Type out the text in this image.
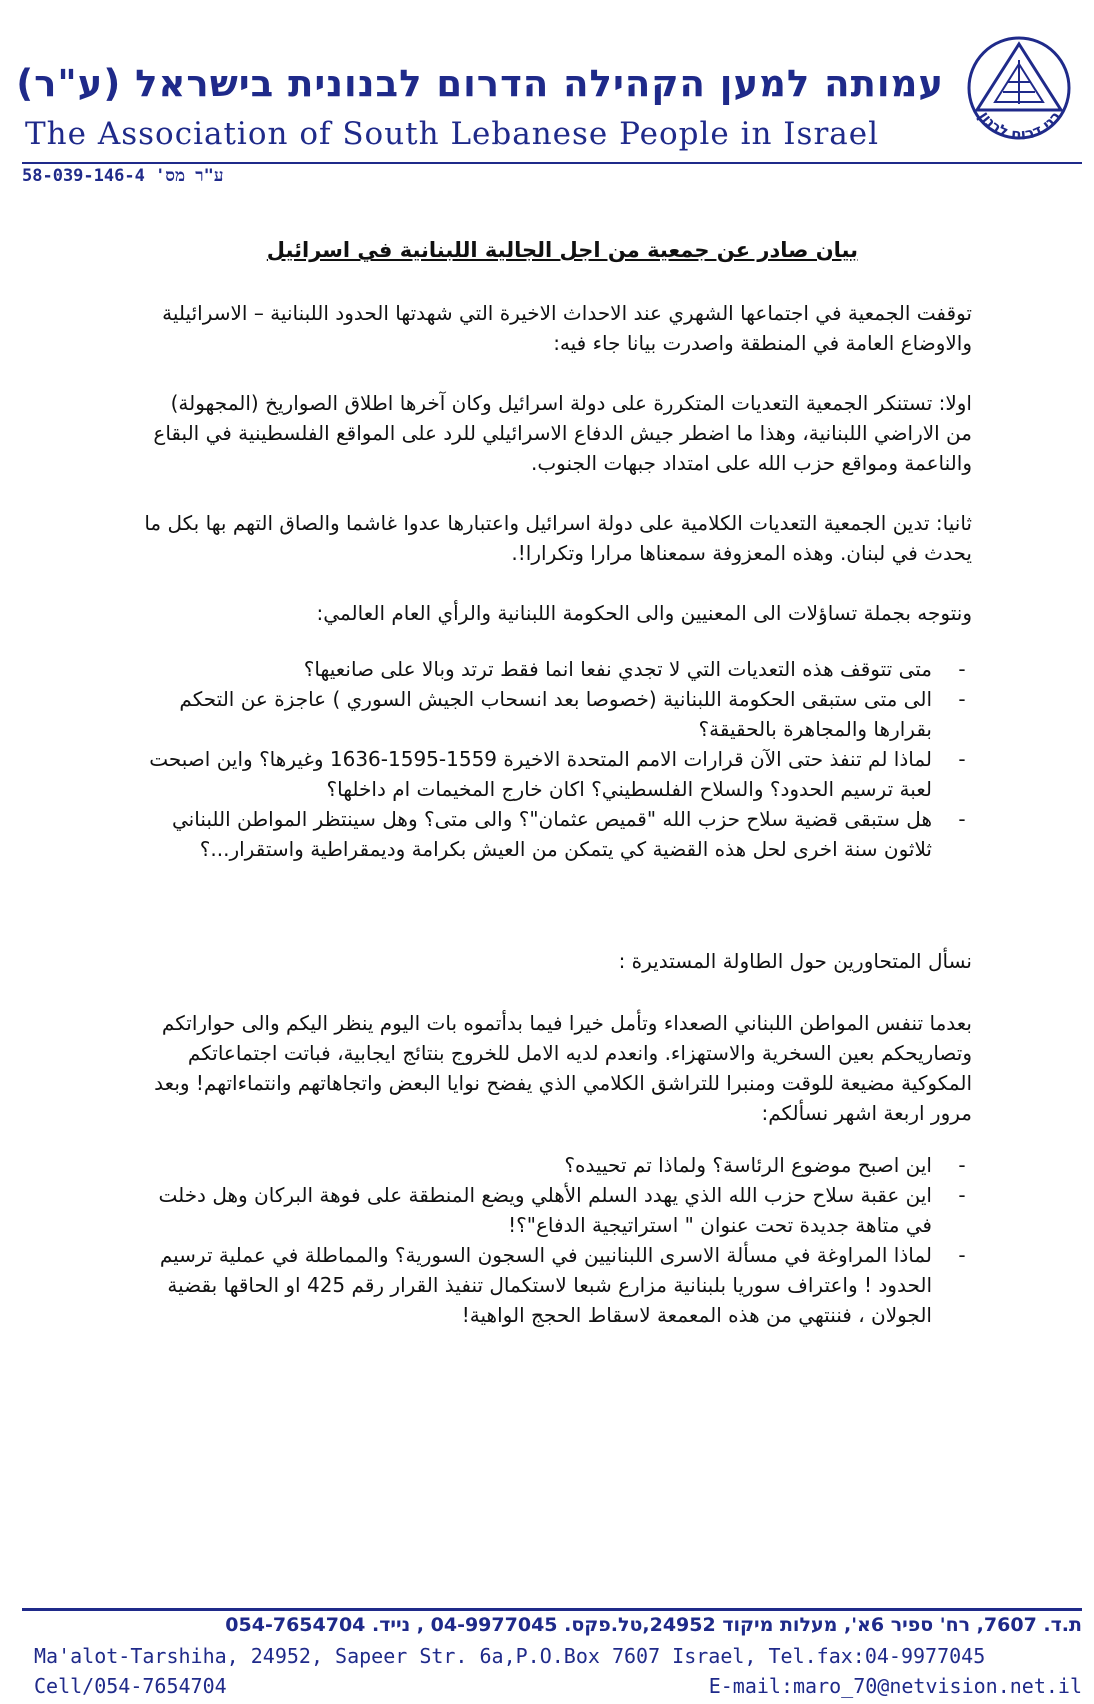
עמותה למען הקהילה הדרום לבנונית בישראל (ע"ר)
The Association of South Lebanese People in Israel
ע"ר מס' 58-039-146-4
בני דרום לבנון
بيان صادر عن جمعية من اجل الجالية اللبنانية في اسرائيل

توقفت الجمعية في اجتماعها الشهري عند الاحداث الاخيرة التي شهدتها الحدود اللبنانية – الاسرائيلية والاوضاع العامة في المنطقة واصدرت بيانا جاء فيه:

اولا: تستنكر الجمعية التعديات المتكررة على دولة اسرائيل وكان آخرها اطلاق الصواريخ (المجهولة) من الاراضي اللبنانية، وهذا ما اضطر جيش الدفاع الاسرائيلي للرد على المواقع الفلسطينية في البقاع والناعمة ومواقع حزب الله على امتداد جبهات الجنوب.

ثانيا: تدين الجمعية التعديات الكلامية على دولة اسرائيل واعتبارها عدوا غاشما والصاق التهم بها بكل ما يحدث في لبنان. وهذه المعزوفة سمعناها مرارا وتكرارا!.

ونتوجه بجملة تساؤلات الى المعنيين والى الحكومة اللبنانية والرأي العام العالمي:

-
متى تتوقف هذه التعديات التي لا تجدي نفعا انما فقط ترتد وبالا على صانعيها؟
-
الى متى ستبقى الحكومة اللبنانية (خصوصا بعد انسحاب الجيش السوري ) عاجزة عن التحكم بقرارها والمجاهرة بالحقيقة؟
-
لماذا لم تنفذ حتى الآن قرارات الامم المتحدة الاخيرة 1559-1595-1636 وغيرها؟ واين اصبحت لعبة ترسيم الحدود؟ والسلاح الفلسطيني؟ اكان خارج المخيمات ام داخلها؟
-
هل ستبقى قضية سلاح حزب الله "قميص عثمان"؟ والى متى؟ وهل سينتظر المواطن اللبناني ثلاثون سنة اخرى لحل هذه القضية كي يتمكن من العيش بكرامة وديمقراطية واستقرار...؟

نسأل المتحاورين حول الطاولة المستديرة :

بعدما تنفس المواطن اللبناني الصعداء وتأمل خيرا فيما بدأتموه بات اليوم ينظر اليكم والى حواراتكم وتصاريحكم بعين السخرية والاستهزاء. وانعدم لديه الامل للخروج بنتائج ايجابية، فباتت اجتماعاتكم المكوكية مضيعة للوقت ومنبرا للتراشق الكلامي الذي يفضح نوايا البعض واتجاهاتهم وانتماءاتهم! وبعد مرور اربعة اشهر نسألكم:

-
اين اصبح موضوع الرئاسة؟ ولماذا تم تحييده؟
-
اين عقبة سلاح حزب الله الذي يهدد السلم الأهلي ويضع المنطقة على فوهة البركان وهل دخلت في متاهة جديدة تحت عنوان " استراتيجية الدفاع"؟!
-
لماذا المراوغة في مسألة الاسرى اللبنانيين في السجون السورية؟ والمماطلة في عملية ترسيم الحدود ! واعتراف سوريا بلبنانية مزارع شبعا لاستكمال تنفيذ القرار رقم 425 او الحاقها بقضية الجولان ، فننتهي من هذه المعمعة لاسقاط الحجج الواهية!
ת.ד. 7607, רח' ספיר 6א', מעלות מיקוד 24952,טל.פקס. 04-9977045 , נייד. 054-7654704
Ma'alot-Tarshiha, 24952, Sapeer Str. 6a,P.O.Box 7607 Israel, Tel.fax:04-9977045
Cell/054-7654704	E-mail:maro_70@netvision.net.il
